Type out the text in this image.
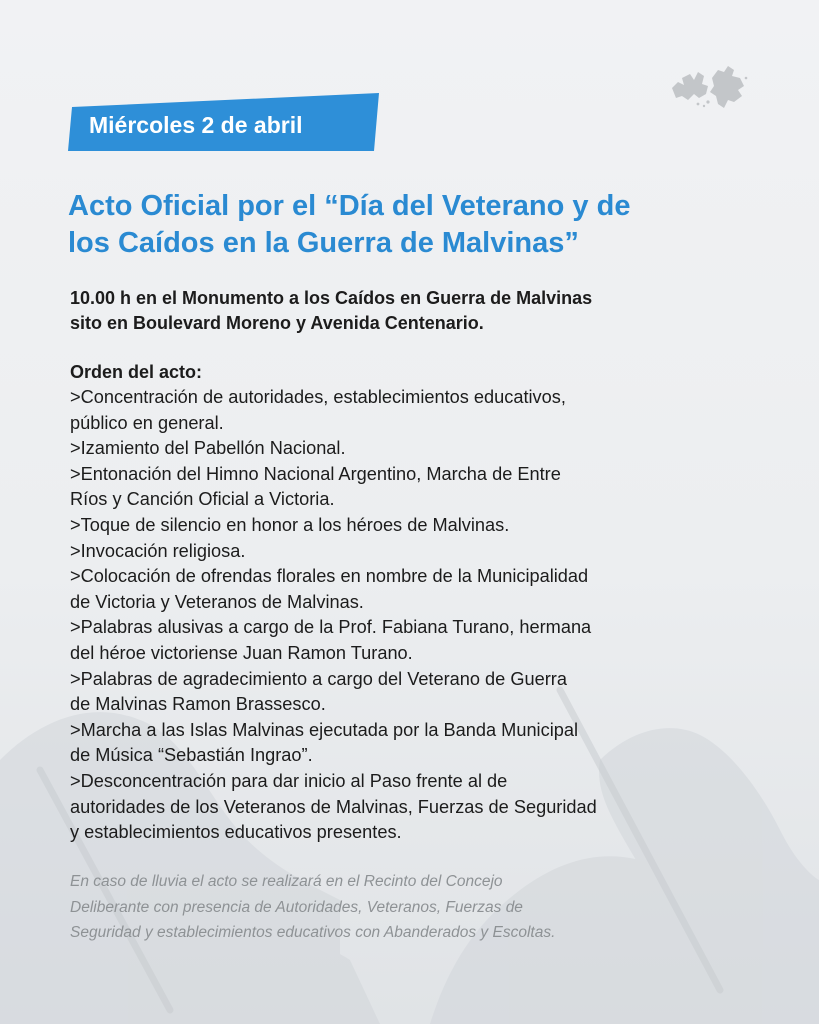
Miércoles 2 de abril
Acto Oficial por el “Día del Veterano y de
los Caídos en la Guerra de Malvinas”

10.00 h en el Monumento a los Caídos en Guerra de Malvinas
sito en Boulevard Moreno y Avenida Centenario.

Orden del acto:

>Concentración de autoridades, establecimientos educativos,
público en general.
>Izamiento del Pabellón Nacional.
>Entonación del Himno Nacional Argentino, Marcha de Entre
Ríos y Canción Oficial a Victoria.
>Toque de silencio en honor a los héroes de Malvinas.
>Invocación religiosa.
>Colocación de ofrendas florales en nombre de la Municipalidad
de Victoria y Veteranos de Malvinas.
>Palabras alusivas a cargo de la Prof. Fabiana Turano, hermana
del héroe victoriense Juan Ramon Turano.
>Palabras de agradecimiento a cargo del Veterano de Guerra
de Malvinas Ramon Brassesco.
>Marcha a las Islas Malvinas ejecutada por la Banda Municipal
de Música “Sebastián Ingrao”.
>Desconcentración para dar inicio al Paso frente al de
autoridades de los Veteranos de Malvinas, Fuerzas de Seguridad
y establecimientos educativos presentes.

En caso de lluvia el acto se realizará en el Recinto del Concejo
Deliberante con presencia de Autoridades, Veteranos, Fuerzas de
Seguridad y establecimientos educativos con Abanderados y Escoltas.
